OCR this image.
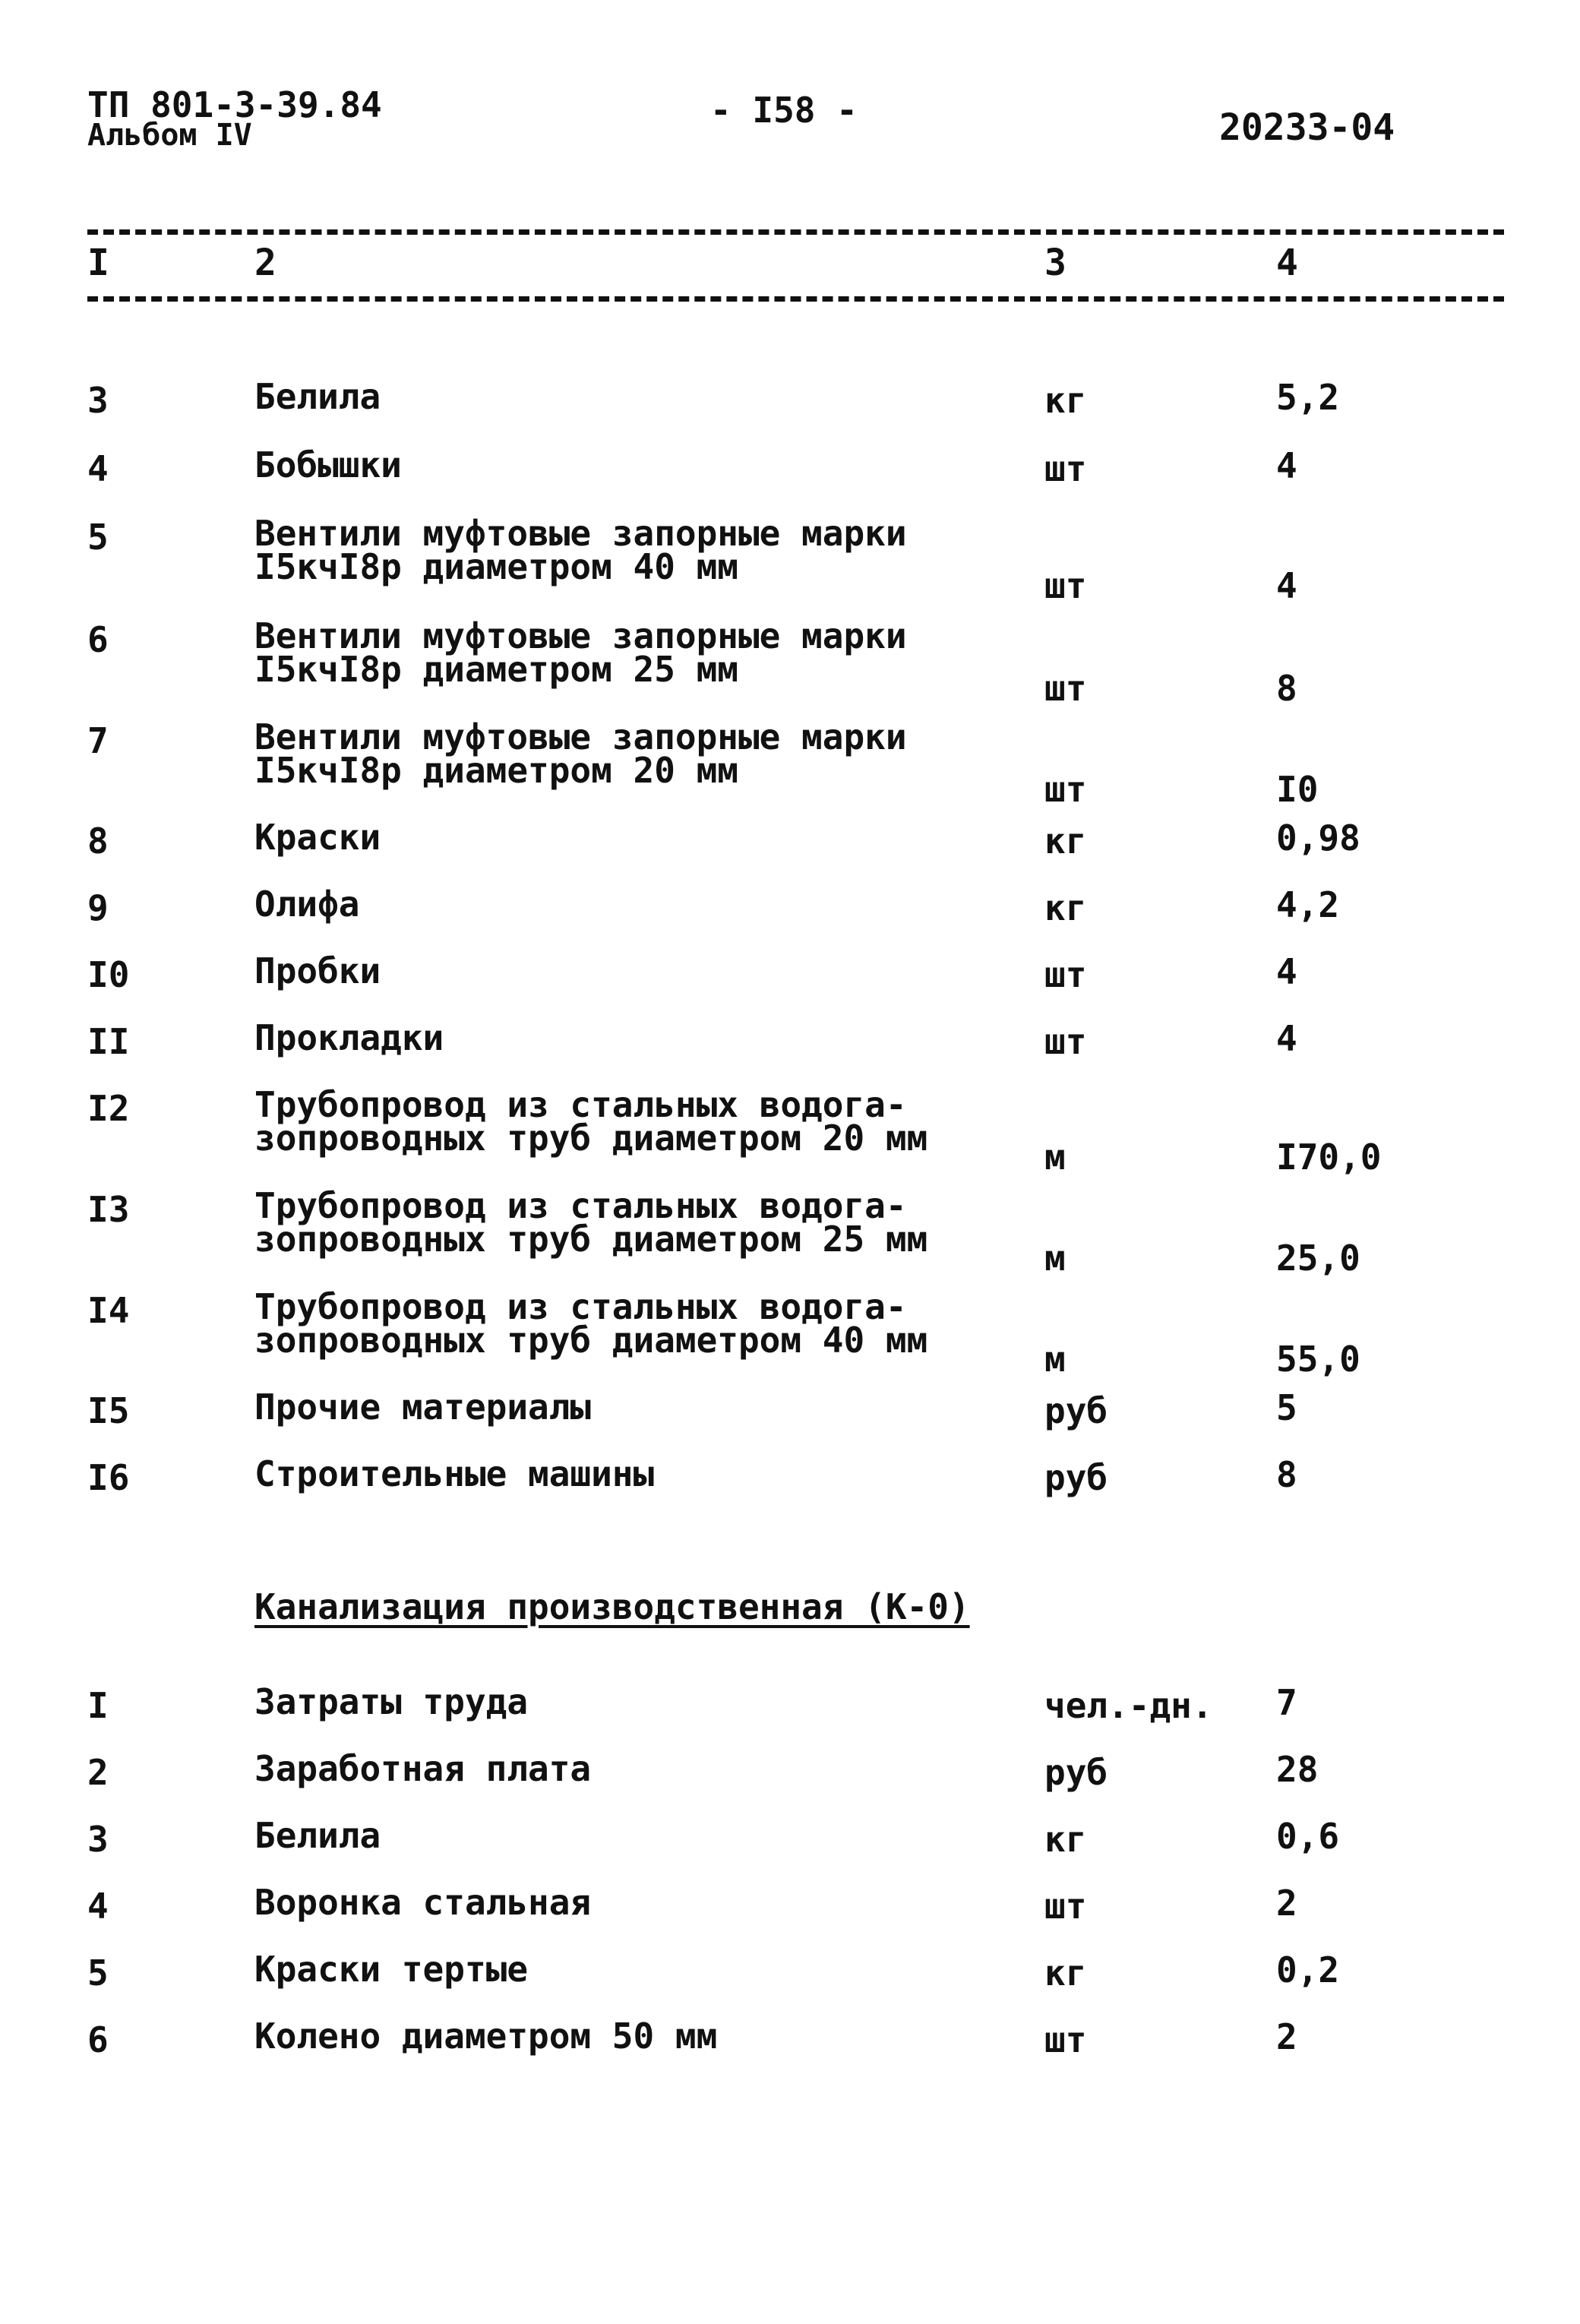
ТП 801-3-39.84
Альбом IV
- I58 -	20233-04
I	2	3	4
3	Белила	кг	5,2
4	Бобышки	шт	4
5	Вентили муфтовые запорные марки
I5кчI8р диаметром 40 мм	шт	4
6	Вентили муфтовые запорные марки
I5кчI8р диаметром 25 мм	шт	8
7	Вентили муфтовые запорные марки
I5кчI8р диаметром 20 мм	шт	I0
8	Краски	кг	0,98
9	Олифа	кг	4,2
I0	Пробки	шт	4
II	Прокладки	шт	4
I2	Трубопровод из стальных водога-
зопроводных труб диаметром 20 мм	м	I70,0
I3	Трубопровод из стальных водога-
зопроводных труб диаметром 25 мм	м	25,0
I4	Трубопровод из стальных водога-
зопроводных труб диаметром 40 мм	м	55,0
I5	Прочие материалы	руб	5
I6	Строительные машины	руб	8
Канализация производственная (К-0)
I	Затраты труда	чел.-дн. 7
2	Заработная плата	руб	28
3	Белила	кг	0,6
4	Воронка стальная	шт	2
5	Краски тертые	кг	0,2
6	Колено диаметром 50 мм	шт	2
